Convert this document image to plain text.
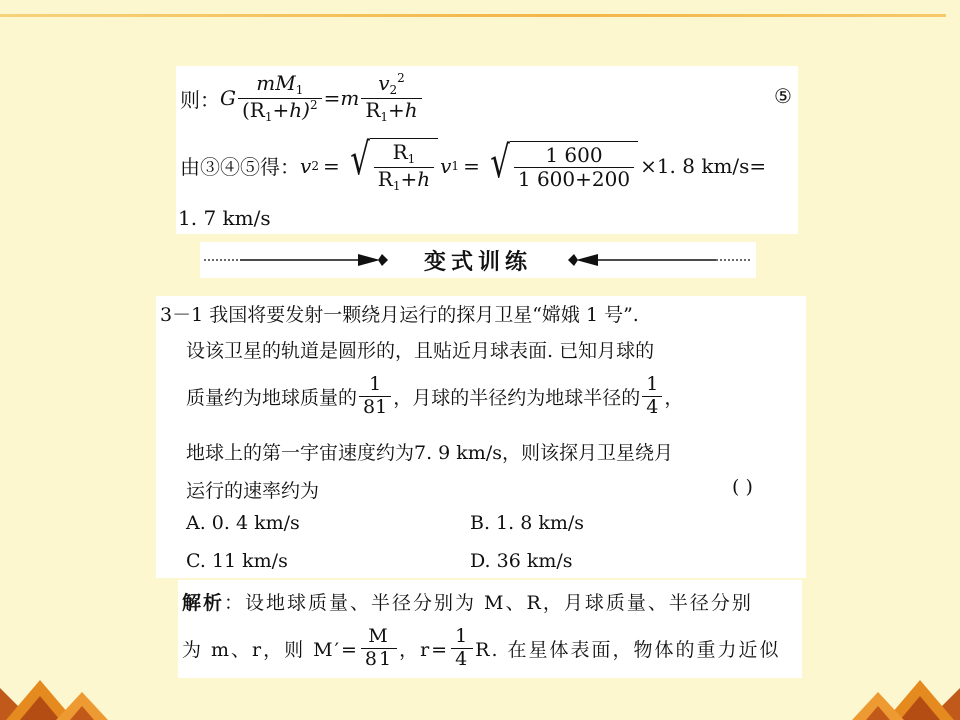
则： G $\frac{mM_1}{(R_1+h)^2} = m \frac{v_2^2}{R_1+h}$	⑤
由③④⑤得： v 2 = √ $\frac{R_1}{R_1+h}$ v 1 = √ $\frac{1 600}{1 600+200} \times 1$. 8 km/s=
1. 7 km/s
变式训练
3－1 我国将要发射一颗绕月运行的探月卫星“嫦娥 1 号”.
设该卫星的轨道是圆形的，且贴近月球表面. 已知月球的
质量约为地球质量的 $\frac{1}{81}$ ，月球的半径约为地球半径的 $\frac{1}{4}$ ，
地球上的第一宇宙速度约为7. 9 km/s，则该探月卫星绕月
运行的速率约为	( )
A. 0. 4 km/s	B. 1. 8 km/s
C. 11 km/s	D. 36 km/s
解析 ：设地球质量、半径分别为 M、R，月球质量、半径分别
为 m、r，则 $M'= \frac{M}{81}$ ，$r= \frac{1}{4} R$. 在星体表面，物体的重力近似
